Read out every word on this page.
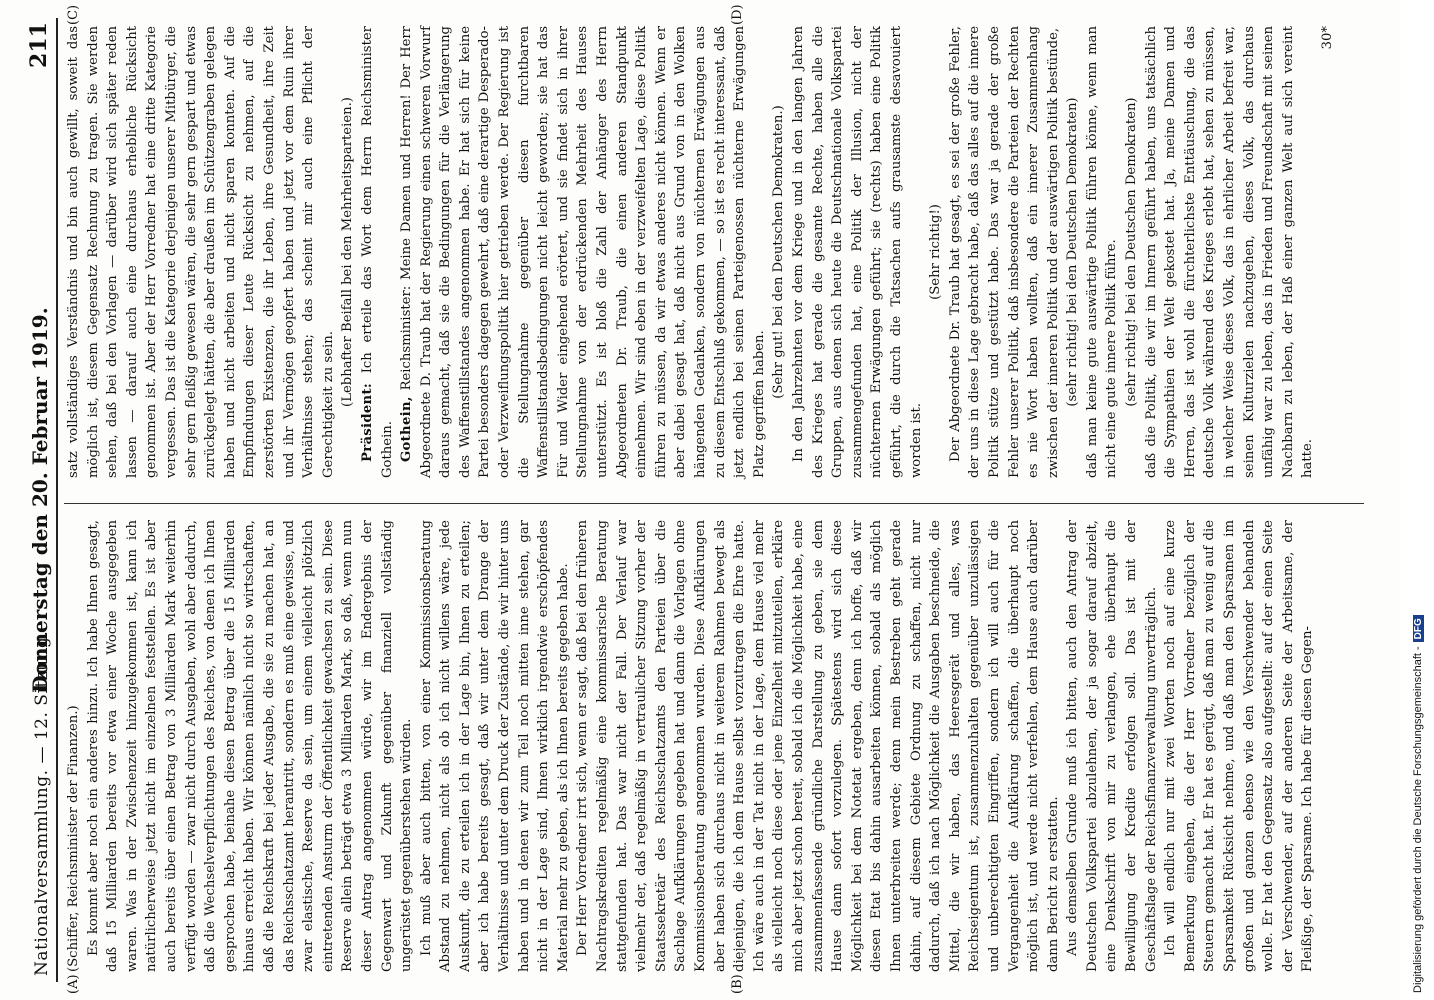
Nationalversammlung. — 12. Sitzung.
Donnerstag den 20. Februar 1919.
211
(A)	(B)
(C)	(D)

(Schiffer, Reichsminister der Finanzen.) Es kommt aber noch ein anderes hinzu. Ich habe Ihnen gesagt, daß 15 Milliarden bereits vor etwa einer Woche ausgegeben waren. Was in der Zwischenzeit hinzugekommen ist, kann ich natürlicherweise jetzt nicht im einzelnen feststellen. Es ist aber auch bereits über einen Betrag von 3 Milliarden Mark weiterhin verfügt worden — zwar nicht durch Ausgaben, wohl aber dadurch, daß die Wechselverpflichtungen des Reiches, von denen ich Ihnen gesprochen habe, beinahe diesen Betrag über die 15 Milliarden hinaus erreicht haben. Wir können nämlich nicht so wirtschaften, daß die Reichskraft bei jeder Ausgabe, die sie zu machen hat, an das Reichsschatzamt herantritt, sondern es muß eine gewisse, und zwar elastische, Reserve da sein, um einem vielleicht plötzlich eintretenden Ansturm der Öffentlichkeit gewachsen zu sein. Diese Reserve allein beträgt etwa 3 Milliarden Mark, so daß, wenn nun dieser Antrag angenommen würde, wir im Endergebnis der Gegenwart und Zukunft gegenüber finanziell vollständig ungerüstet gegenüberstehen würden. Ich muß aber auch bitten, von einer Kommissionsberatung Abstand zu nehmen, nicht als ob ich nicht willens wäre, jede Auskunft, die zu erteilen ich in der Lage bin, Ihnen zu erteilen; aber ich habe bereits gesagt, daß wir unter dem Drange der Verhältnisse und unter dem Druck der Zustände, die wir hinter uns haben und in denen wir zum Teil noch mitten inne stehen, gar nicht in der Lage sind, Ihnen wirklich irgendwie erschöpfendes Material mehr zu geben, als ich Ihnen bereits gegeben habe. Der Herr Vorredner irrt sich, wenn er sagt, daß bei den früheren Nachtragskrediten regelmäßig eine kommissarische Beratung stattgefunden hat. Das war nicht der Fall. Der Verlauf war vielmehr der, daß regelmäßig in vertraulicher Sitzung vorher der Staatssekretär des Reichsschatzamts den Parteien über die Sachlage Aufklärungen gegeben hat und dann die Vorlagen ohne Kommissionsberatung angenommen wurden. Diese Aufklärungen aber haben sich durchaus nicht in weiterem Rahmen bewegt als diejenigen, die ich dem Hause selbst vorzutragen die Ehre hatte. Ich wäre auch in der Tat nicht in der Lage, dem Hause viel mehr als vielleicht noch diese oder jene Einzelheit mitzuteilen, erkläre mich aber jetzt schon bereit, sobald ich die Möglichkeit habe, eine zusammenfassende gründliche Darstellung zu geben, sie dem Hause dann sofort vorzulegen. Spätestens wird sich diese Möglichkeit bei dem Notetat ergeben, denn ich hoffe, daß wir diesen Etat bis dahin ausarbeiten können, sobald als möglich Ihnen unterbreiten werde; denn mein Bestreben geht gerade dahin, auf diesem Gebiete Ordnung zu schaffen, nicht nur dadurch, daß ich nach Möglichkeit die Ausgaben beschneide, die Mittel, die wir haben, das Heeresgerät und alles, was Reichseigentum ist, zusammenzuhalten gegenüber unzulässigen und unberechtigten Eingriffen, sondern ich will auch für die Vergangenheit die Aufklärung schaffen, die überhaupt noch möglich ist, und werde nicht verfehlen, dem Hause auch darüber dann Bericht zu erstatten. Aus demselben Grunde muß ich bitten, auch den Antrag der Deutschen Volkspartei abzulehnen, der ja sogar darauf abzielt, eine Denkschrift von mir zu verlangen, ehe überhaupt die Bewilligung der Kredite erfolgen soll. Das ist mit der Geschäftslage der Reichsfinanzverwaltung unverträglich. Ich will endlich nur mit zwei Worten noch auf eine kurze Bemerkung eingehen, die der Herr Vorredner bezüglich der Steuern gemacht hat. Er hat es gerügt, daß man zu wenig auf die Sparsamkeit Rücksicht nehme, und daß man den Sparsamen im großen und ganzen ebenso wie den Verschwender behandeln wolle. Er hat den Gegensatz also aufgestellt: auf der einen Seite der Verschwender, auf der anderen Seite der Arbeitsame, der Fleißige, der Sparsame. Ich habe für diesen Gegen-

satz vollständiges Verständnis und bin auch gewillt, soweit das möglich ist, diesem Gegensatz Rechnung zu tragen. Sie werden sehen, daß bei den Vorlagen — darüber wird sich später reden lassen — darauf auch eine durchaus erhebliche Rücksicht genommen ist. Aber der Herr Vorredner hat eine dritte Kategorie vergessen. Das ist die Kategorie derjenigen unserer Mitbürger, die sehr gern fleißig gewesen wären, die sehr gern gespart und etwas zurückgelegt hätten, die aber draußen im Schützengraben gelegen haben und nicht arbeiten und nicht sparen konnten. Auf die Empfindungen dieser Leute Rücksicht zu nehmen, auf die zerstörten Existenzen, die ihr Leben, ihre Gesundheit, ihre Zeit und ihr Vermögen geopfert haben und jetzt vor dem Ruin ihrer Verhältnisse stehen; das scheint mir auch eine Pflicht der Gerechtigkeit zu sein. (Lebhafter Beifall bei den Mehrheitsparteien.)

Präsident: Ich erteile das Wort dem Herrn Reichsminister Gothein. Gothein, Reichsminister: Meine Damen und Herren! Der Herr Abgeordnete D. Traub hat der Regierung einen schweren Vorwurf daraus gemacht, daß sie die Bedingungen für die Verlängerung des Waffenstillstandes angenommen habe. Er hat sich für keine Partei besonders dagegen gewehrt, daß eine derartige Desperado- oder Verzweiflungspolitik hier getrieben werde. Der Regierung ist die Stellungnahme gegenüber diesen furchtbaren Waffenstillstandsbedingungen nicht leicht geworden; sie hat das Für und Wider eingehend erörtert, und sie findet sich in ihrer Stellungnahme von der erdrückenden Mehrheit des Hauses unterstützt. Es ist bloß die Zahl der Anhänger des Herrn Abgeordneten Dr. Traub, die einen anderen Standpunkt einnehmen. Wir sind eben in der verzweifelten Lage, diese Politik führen zu müssen, da wir etwas anderes nicht können. Wenn er aber dabei gesagt hat, daß nicht aus Grund von in den Wolken hängenden Gedanken, sondern von nüchternen Erwägungen aus zu diesem Entschluß gekommen, — so ist es recht interessant, daß jetzt endlich bei seinen Parteigenossen nüchterne Erwägungen Platz gegriffen haben.

(Sehr gut! bei den Deutschen Demokraten.) In den Jahrzehnten vor dem Kriege und in den langen Jahren des Krieges hat gerade die gesamte Rechte, haben alle die Gruppen, aus denen sich heute die Deutschnationale Volkspartei zusammengefunden hat, eine Politik der Illusion, nicht der nüchternen Erwägungen geführt; sie (rechts) haben eine Politik geführt, die durch die Tatsachen aufs grausamste desavouiert worden ist.

(Sehr richtig!) Der Abgeordnete Dr. Traub hat gesagt, es sei der große Fehler, der uns in diese Lage gebracht habe, daß das alles auf die innere Politik stütze und gestützt habe. Das war ja gerade der große Fehler unserer Politik, daß insbesondere die Parteien der Rechten es nie Wort haben wollten, daß ein innerer Zusammenhang zwischen der inneren Politik und der auswärtigen Politik bestünde, (sehr richtig! bei den Deutschen Demokraten) daß man keine gute auswärtige Politik führen könne, wenn man nicht eine gute innere Politik führe. (sehr richtig! bei den Deutschen Demokraten) daß die Politik, die wir im Innern geführt haben, uns tatsächlich die Sympathien der Welt gekostet hat. Ja, meine Damen und Herren, das ist wohl die fürchterlichste Enttäuschung, die das deutsche Volk während des Krieges erlebt hat, sehen zu müssen, in welcher Weise dieses Volk, das in ehrlicher Arbeit befreit war, seinen Kulturzielen nachzugehen, dieses Volk, das durchaus unfähig war zu leben, das in Frieden und Freundschaft mit seinen Nachbarn zu leben, der Haß einer ganzen Welt auf sich vereint hatte.

30*

Digitalisierung gefördert durch die Deutsche Forschungsgemeinschaft -DFG
